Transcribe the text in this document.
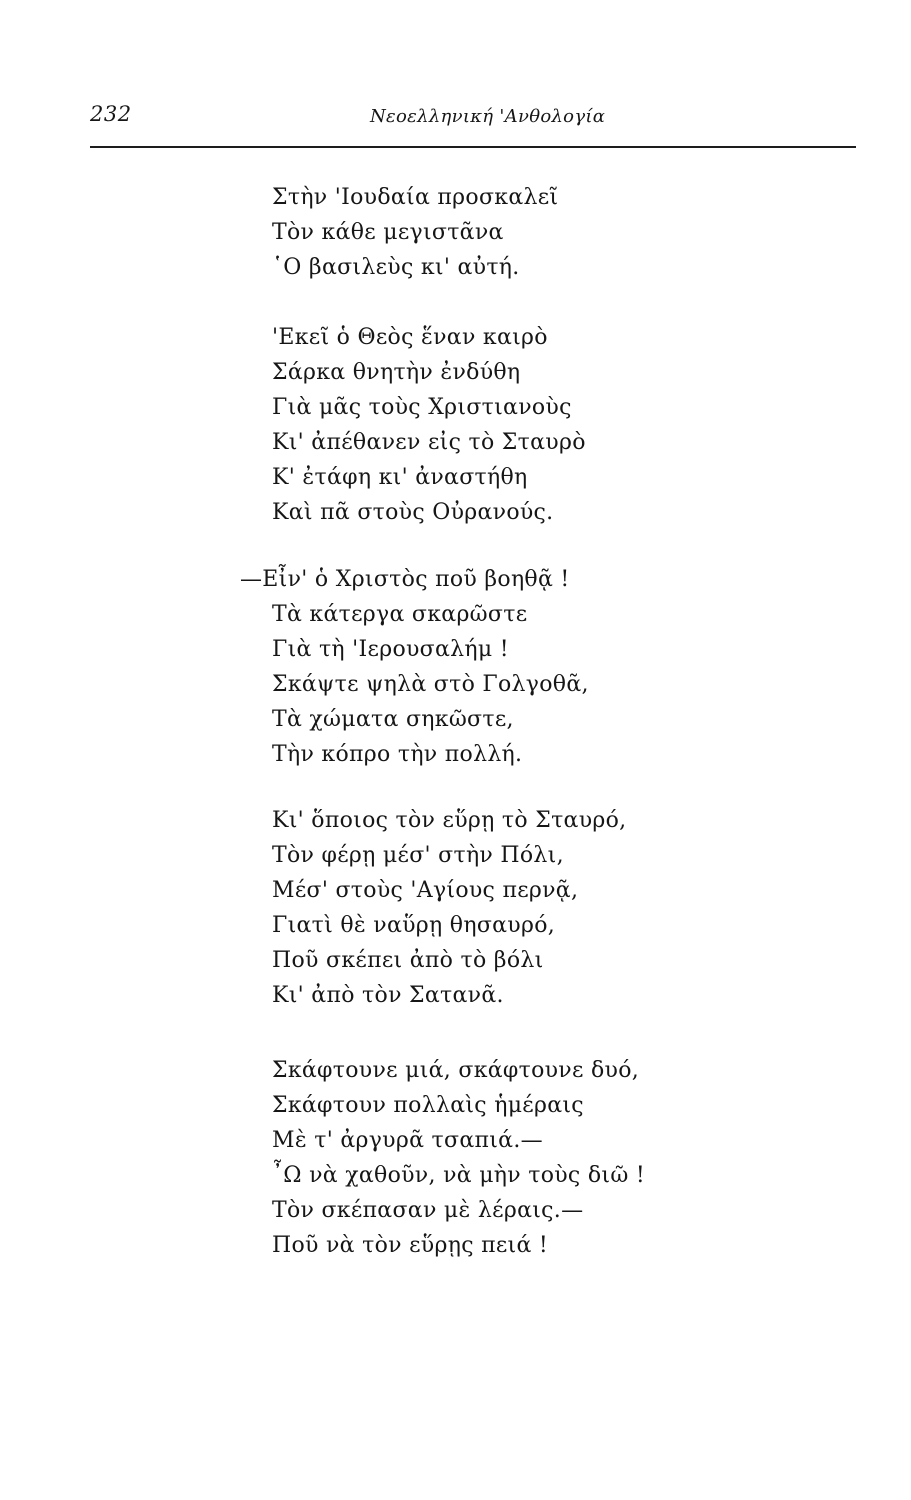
232	Νεοελληνική 'Ανθολογία
Στὴν 'Ιουδαία προσκαλεῖ
Τὸν κάθε μεγιστᾶνα
῾Ο βασιλεὺς κι' αὐτή.
'Εκεῖ ὁ Θεὸς ἕναν καιρὸ
Σάρκα θνητὴν ἐνδύθη
Γιὰ μᾶς τοὺς Χριστιανοὺς
Κι' ἀπέθανεν εἰς τὸ Σταυρὸ
Κ' ἐτάφη κι' ἀναστήθη
Καὶ πᾶ στοὺς Οὐρανούς.
—Εἶν' ὁ Χριστὸς ποῦ βοηθᾷ !
Τὰ κάτεργα σκαρῶστε
Γιὰ τὴ 'Ιερουσαλήμ !
Σκάψτε ψηλὰ στὸ Γολγοθᾶ,
Τὰ χώματα σηκῶστε,
Τὴν κόπρο τὴν πολλή.
Κι' ὅποιος τὸν εὕρῃ τὸ Σταυρό,
Τὸν φέρῃ μέσ' στὴν Πόλι,
Μέσ' στοὺς 'Αγίους περνᾷ,
Γιατὶ θὲ ναὕρῃ θησαυρό,
Ποῦ σκέπει ἀπὸ τὸ βόλι
Κι' ἀπὸ τὸν Σατανᾶ.
Σκάφτουνε μιά, σκάφτουνε δυό,
Σκάφτουν πολλαὶς ἡμέραις
Μὲ τ' ἀργυρᾶ τσαπιά.—
῏Ω νὰ χαθοῦν, νὰ μὴν τοὺς διῶ !
Τὸν σκέπασαν μὲ λέραις.—
Ποῦ νὰ τὸν εὕρῃς πειά !
